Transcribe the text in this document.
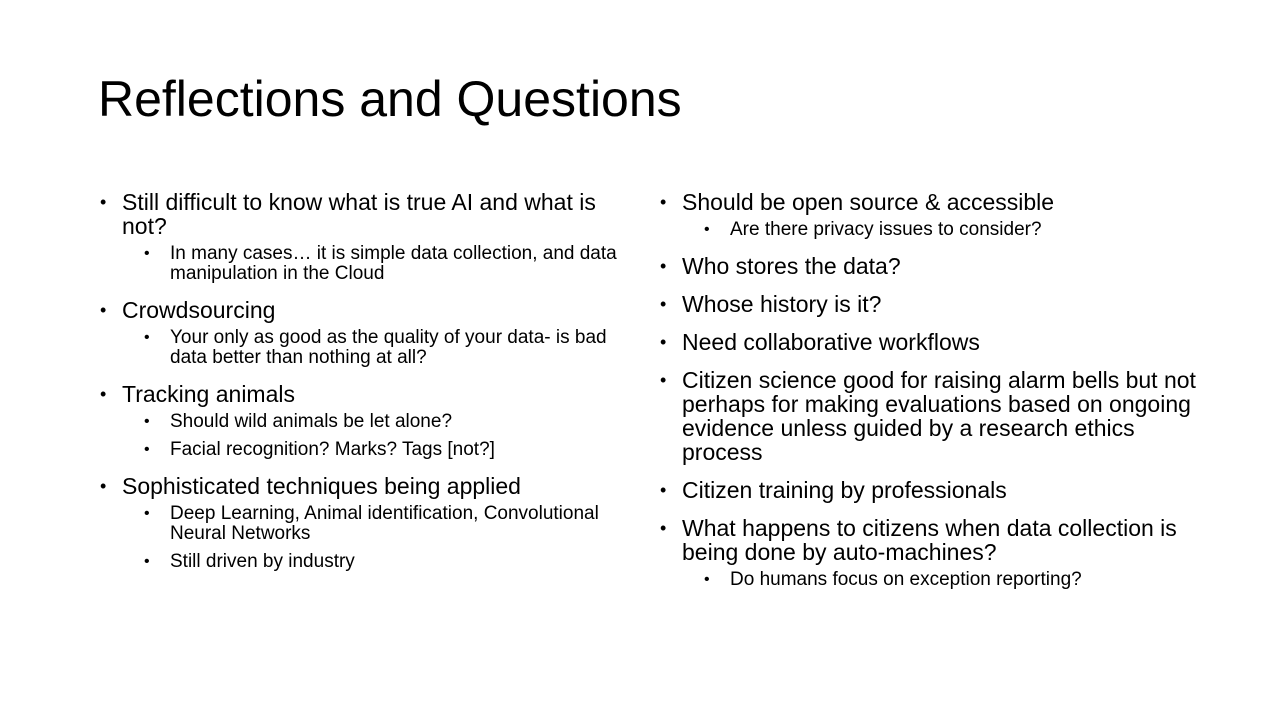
Reflections and Questions
• Still difficult to know what is true AI and what is not?
• In many cases… it is simple data collection, and data manipulation in the Cloud
• Crowdsourcing
• Your only as good as the quality of your data- is bad data better than nothing at all?
• Tracking animals
• Should wild animals be let alone?
• Facial recognition? Marks? Tags [not?]
• Sophisticated techniques being applied
• Deep Learning, Animal identification, Convolutional Neural Networks
• Still driven by industry
• Should be open source & accessible
• Are there privacy issues to consider?
• Who stores the data?
• Whose history is it?
• Need collaborative workflows
• Citizen science good for raising alarm bells but not perhaps for making evaluations based on ongoing evidence unless guided by a research ethics process
• Citizen training by professionals
• What happens to citizens when data collection is being done by auto-machines?
• Do humans focus on exception reporting?
